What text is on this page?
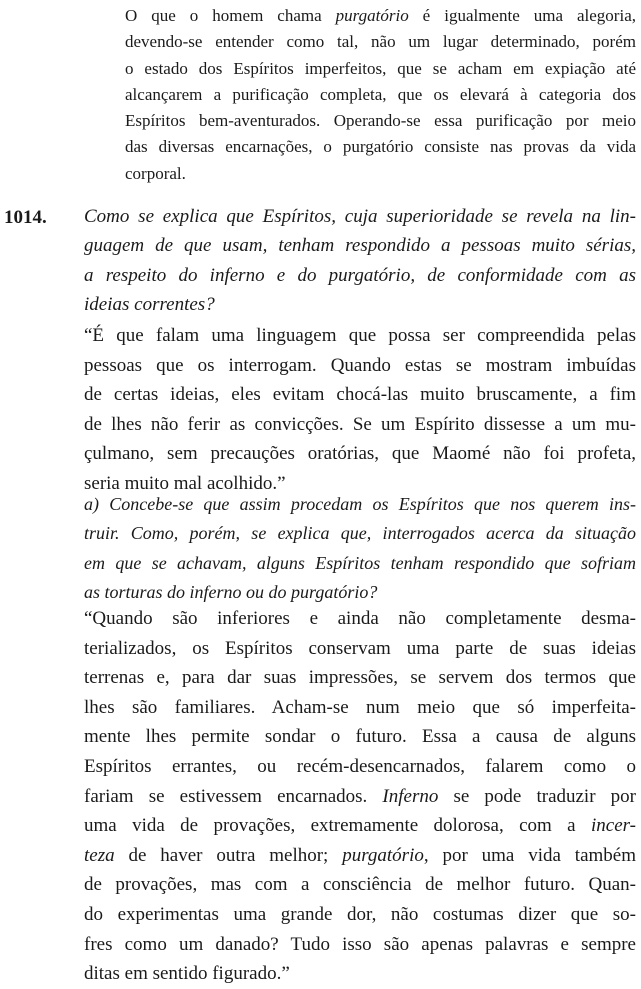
O que o homem chama purgatório é igualmente uma alegoria,
devendo-se entender como tal, não um lugar determinado, porém
o estado dos Espíritos imperfeitos, que se acham em expiação até
alcançarem a purificação completa, que os elevará à categoria dos
Espíritos bem-aventurados. Operando-se essa purificação por meio
das diversas encarnações, o purgatório consiste nas provas da vida
corporal.

1014. Como se explica que Espíritos, cuja superioridade se revela na lin-
guagem de que usam, tenham respondido a pessoas muito sérias,
a respeito do inferno e do purgatório, de conformidade com as
ideias correntes?

“É que falam uma linguagem que possa ser compreendida pelas
pessoas que os interrogam. Quando estas se mostram imbuídas
de certas ideias, eles evitam chocá-las muito bruscamente, a fim
de lhes não ferir as convicções. Se um Espírito dissesse a um mu-
çulmano, sem precauções oratórias, que Maomé não foi profeta,
seria muito mal acolhido.”

a) Concebe-se que assim procedam os Espíritos que nos querem ins-
truir. Como, porém, se explica que, interrogados acerca da situação
em que se achavam, alguns Espíritos tenham respondido que sofriam
as torturas do inferno ou do purgatório?

“Quando são inferiores e ainda não completamente desma-
terializados, os Espíritos conservam uma parte de suas ideias
terrenas e, para dar suas impressões, se servem dos termos que
lhes são familiares. Acham-se num meio que só imperfeita-
mente lhes permite sondar o futuro. Essa a causa de alguns
Espíritos errantes, ou recém-desencarnados, falarem como o
fariam se estivessem encarnados. Inferno se pode traduzir por
uma vida de provações, extremamente dolorosa, com a incer-
teza de haver outra melhor; purgatório, por uma vida também
de provações, mas com a consciência de melhor futuro. Quan-
do experimentas uma grande dor, não costumas dizer que so-
fres como um danado? Tudo isso são apenas palavras e sempre
ditas em sentido figurado.”
